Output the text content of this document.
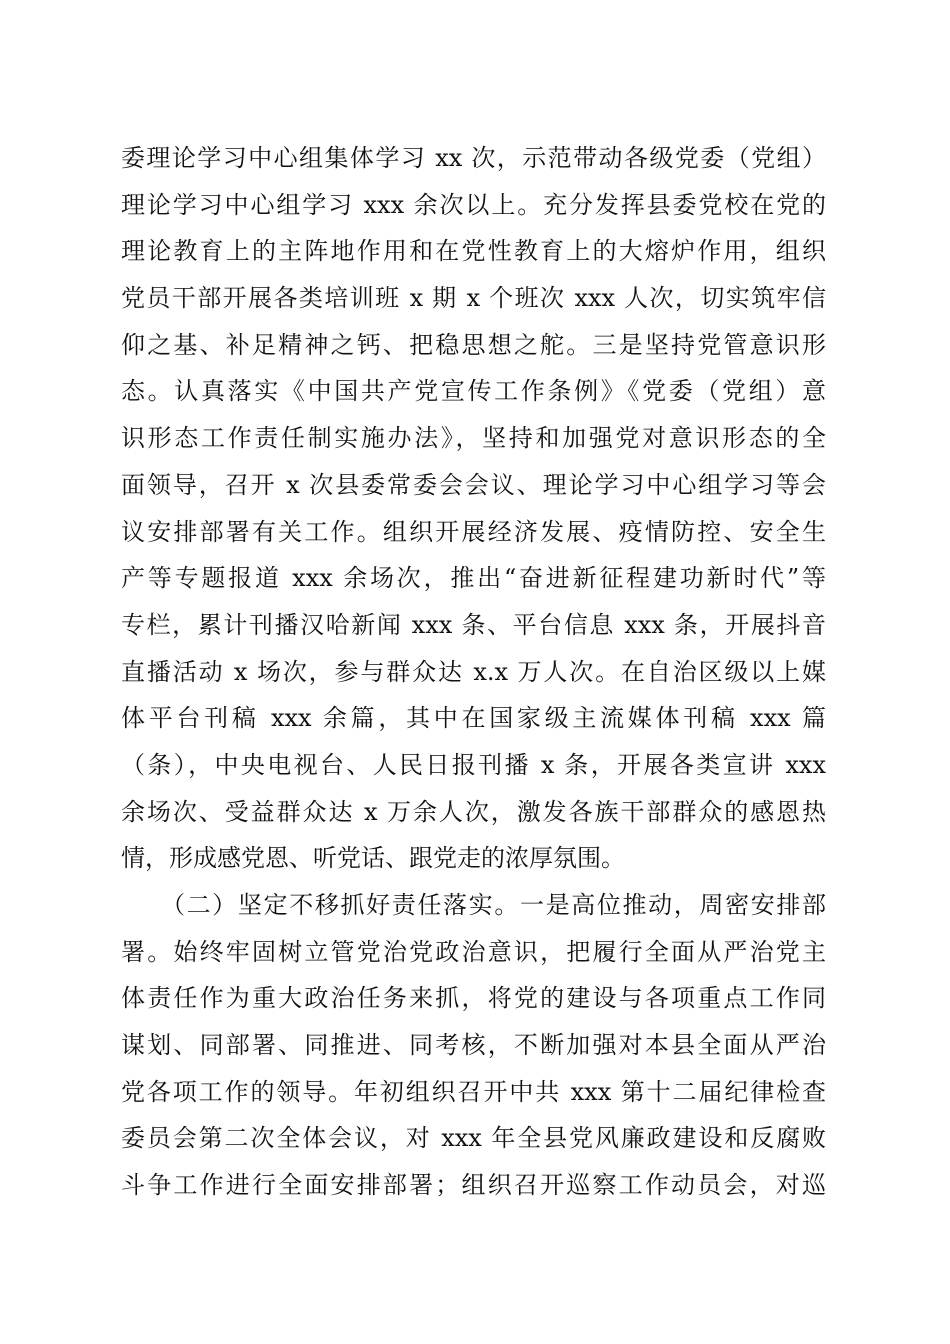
委理论学习中心组集体学习 xx 次，示范带动各级党委（党组）
理论学习中心组学习 xxx 余次以上。充分发挥县委党校在党的
理论教育上的主阵地作用和在党性教育上的大熔炉作用，组织
党员干部开展各类培训班 x 期 x 个班次 xxx 人次，切实筑牢信
仰之基、补足精神之钙、把稳思想之舵。三是坚持党管意识形
态。认真落实《中国共产党宣传工作条例》《党委（党组）意
识形态工作责任制实施办法》，坚持和加强党对意识形态的全
面领导，召开 x 次县委常委会会议、理论学习中心组学习等会
议安排部署有关工作。组织开展经济发展、疫情防控、安全生
产等专题报道 xxx 余场次，推出“奋进新征程建功新时代”等
专栏，累计刊播汉哈新闻 xxx 条、平台信息 xxx 条，开展抖音
直播活动 x 场次，参与群众达 x.x 万人次。在自治区级以上媒
体平台刊稿 xxx 余篇，其中在国家级主流媒体刊稿 xxx 篇
（条），中央电视台、人民日报刊播 x 条，开展各类宣讲 xxx
余场次、受益群众达 x 万余人次，激发各族干部群众的感恩热
情，形成感党恩、听党话、跟党走的浓厚氛围。
（二）坚定不移抓好责任落实。一是高位推动，周密安排部
署。始终牢固树立管党治党政治意识，把履行全面从严治党主
体责任作为重大政治任务来抓，将党的建设与各项重点工作同
谋划、同部署、同推进、同考核，不断加强对本县全面从严治
党各项工作的领导。年初组织召开中共 xxx 第十二届纪律检查
委员会第二次全体会议，对 xxx 年全县党风廉政建设和反腐败
斗争工作进行全面安排部署；组织召开巡察工作动员会，对巡
